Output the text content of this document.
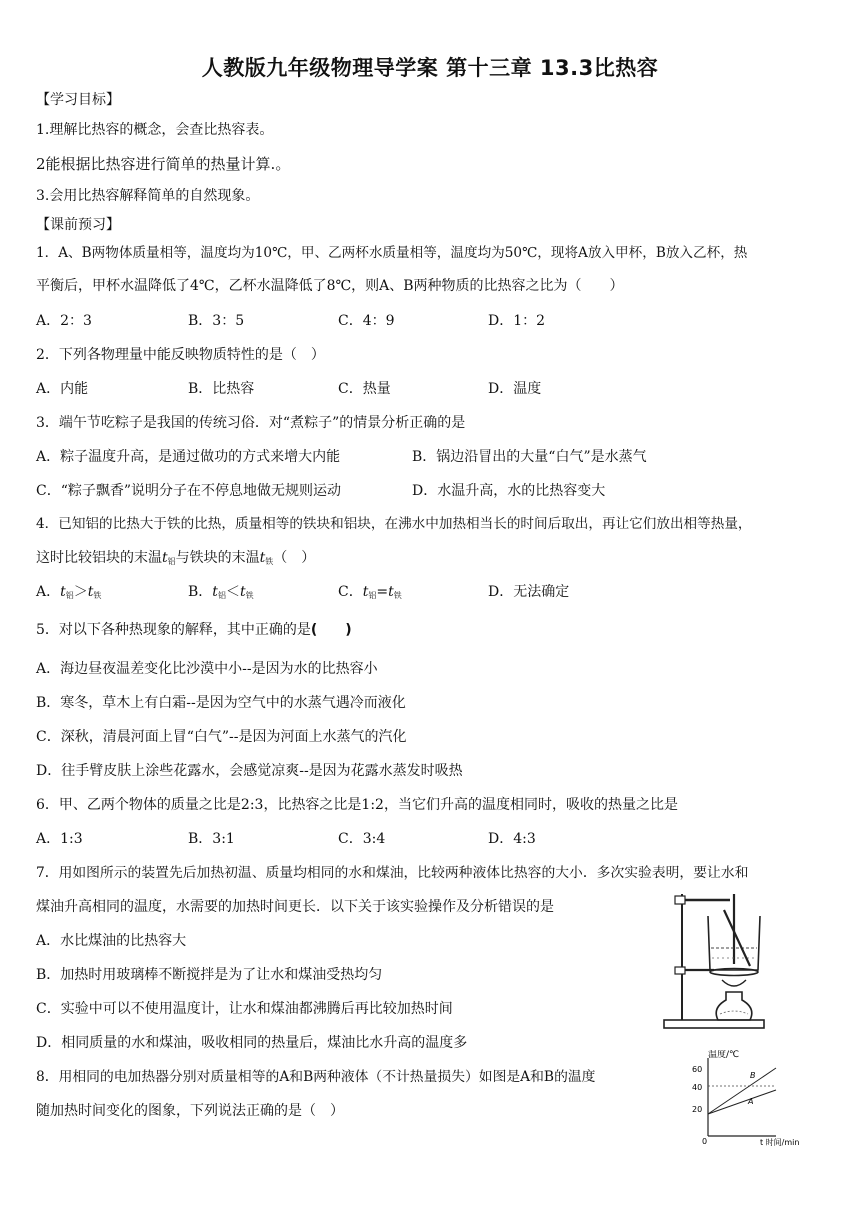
人教版九年级物理导学案 第十三章 13.3比热容
【学习目标】
1.理解比热容的概念，会查比热容表。
2能根据比热容进行简单的热量计算.。
3.会用比热容解释简单的自然现象。
【课前预习】
1．A、B两物体质量相等，温度均为10℃，甲、乙两杯水质量相等，温度均为50℃，现将A放入甲杯，B放入乙杯，热
平衡后，甲杯水温降低了4℃，乙杯水温降低了8℃，则A、B两种物质的比热容之比为（　　）
A．2：3	B．3：5	C．4：9	D．1：2
2．下列各物理量中能反映物质特性的是（　）
A．内能	B．比热容	C．热量	D．温度
3．端午节吃粽子是我国的传统习俗．对“煮粽子”的情景分析正确的是
A．粽子温度升高，是通过做功的方式来增大内能	B．锅边沿冒出的大量“白气”是水蒸气
C．“粽子飘香”说明分子在不停息地做无规则运动	D．水温升高，水的比热容变大
4．已知铝的比热大于铁的比热，质量相等的铁块和铝块，在沸水中加热相当长的时间后取出，再让它们放出相等热量，
这时比较铝块的末温$t_铝$与铁块的末温$t_铁$（　）
A．$t_铝>t_铁$	B．$t_铝<t_铁$	C．$t_铝=t_铁$	D．无法确定
5．对以下各种热现象的解释，其中正确的是(　　)
A．海边昼夜温差变化比沙漠中小--是因为水的比热容小
B．寒冬，草木上有白霜--是因为空气中的水蒸气遇冷而液化
C．深秋，清晨河面上冒“白气”--是因为河面上水蒸气的汽化
D．往手臂皮肤上涂些花露水，会感觉凉爽--是因为花露水蒸发时吸热
6．甲、乙两个物体的质量之比是2:3，比热容之比是1:2，当它们升高的温度相同时，吸收的热量之比是
A．1:3	B．3:1	C．3:4	D．4:3
7．用如图所示的装置先后加热初温、质量均相同的水和煤油，比较两种液体比热容的大小．多次实验表明，要让水和
煤油升高相同的温度，水需要的加热时间更长．以下关于该实验操作及分析错误的是
A．水比煤油的比热容大
B．加热时用玻璃棒不断搅拌是为了让水和煤油受热均匀
C．实验中可以不使用温度计，让水和煤油都沸腾后再比较加热时间
D．相同质量的水和煤油，吸收相同的热量后，煤油比水升高的温度多
8．用相同的电加热器分别对质量相等的A和B两种液体（不计热量损失）如图是A和B的温度
随加热时间变化的图象，下列说法正确的是（　）
温度/℃
60
40
20
0	t 时间/min
B
A
